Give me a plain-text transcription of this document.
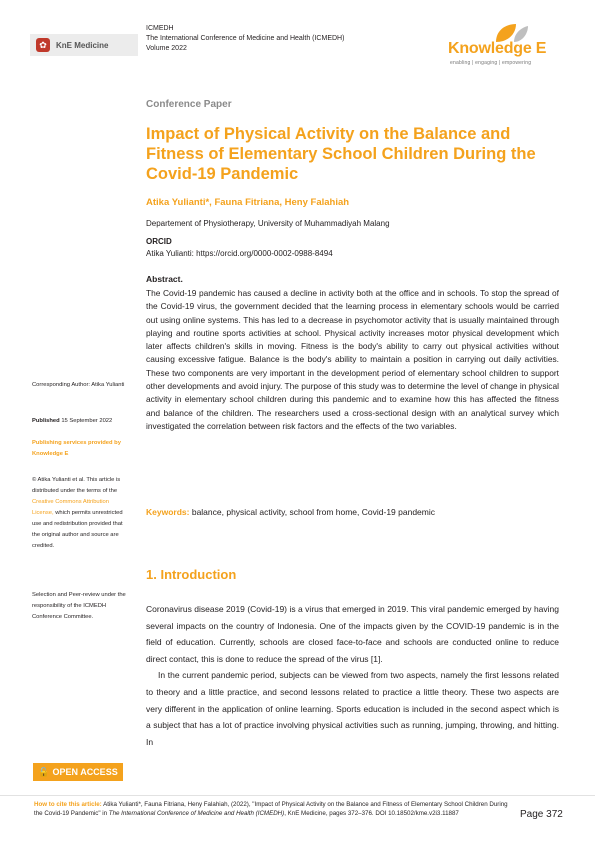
✿	KnE Medicine
ICMEDH
The International Conference of Medicine and Health (ICMEDH)
Volume 2022	Knowledge E
enabling | engaging | empowering
Conference Paper
Impact of Physical Activity on the Balance and Fitness of Elementary School Children During the Covid-19 Pandemic
Atika Yulianti*, Fauna Fitriana, Heny Falahiah
Departement of Physiotherapy, University of Muhammadiyah Malang
ORCID
Atika Yulianti: https://orcid.org/0000-0002-0988-8494
Abstract.
The Covid-19 pandemic has caused a decline in activity both at the office and in schools. To stop the spread of the Covid-19 virus, the government decided that the learning process in elementary schools would be carried out using online systems. This has led to a decrease in psychomotor activity that is usually maintained through playing and routine sports activities at school. Physical activity increases motor physical development which later affects children's skills in moving. Fitness is the body's ability to carry out physical activities without causing excessive fatigue. Balance is the body's ability to maintain a position in carrying out daily activities. These two components are very important in the development period of elementary school children to support other developments and avoid injury. The purpose of this study was to determine the level of change in physical activity in elementary school children during this pandemic and to examine how this has affected the fitness and balance of the children. The researchers used a cross-sectional design with an analytical survey which investigated the correlation between risk factors and the effects of the two variables.
Keywords: balance, physical activity, school from home, Covid-19 pandemic
1. Introduction

Coronavirus disease 2019 (Covid-19) is a virus that emerged in 2019. This viral pandemic emerged by having several impacts on the country of Indonesia. One of the impacts given by the COVID-19 pandemic is in the field of education. Currently, schools are closed face-to-face and schools are conducted online to reduce direct contact, this is done to reduce the spread of the virus [1].

In the current pandemic period, subjects can be viewed from two aspects, namely the first lessons related to theory and a little practice, and second lessons related to practice a little theory. These two aspects are very different in the application of online learning. Sports education is included in the second aspect which is a subject that has a lot of practice involving physical activities such as running, jumping, throwing, and hitting. In

Corresponding Author: Atika Yulianti
Published 15 September 2022
Publishing services provided by Knowledge E
© Atika Yulianti et al. This article is distributed under the terms of the Creative Commons Attribution License, which permits unrestricted use and redistribution provided that the original author and source are credited.
Selection and Peer-review under the responsibility of the ICMEDH Conference Committee.
🔓 OPEN ACCESS
How to cite this article: Atika Yulianti*, Fauna Fitriana, Heny Falahiah, (2022), "Impact of Physical Activity on the Balance and Fitness of Elementary School Children During the Covid-19 Pandemic" in The International Conference of Medicine and Health (ICMEDH), KnE Medicine, pages 372–376. DOI 10.18502/kme.v2i3.11887	Page 372
